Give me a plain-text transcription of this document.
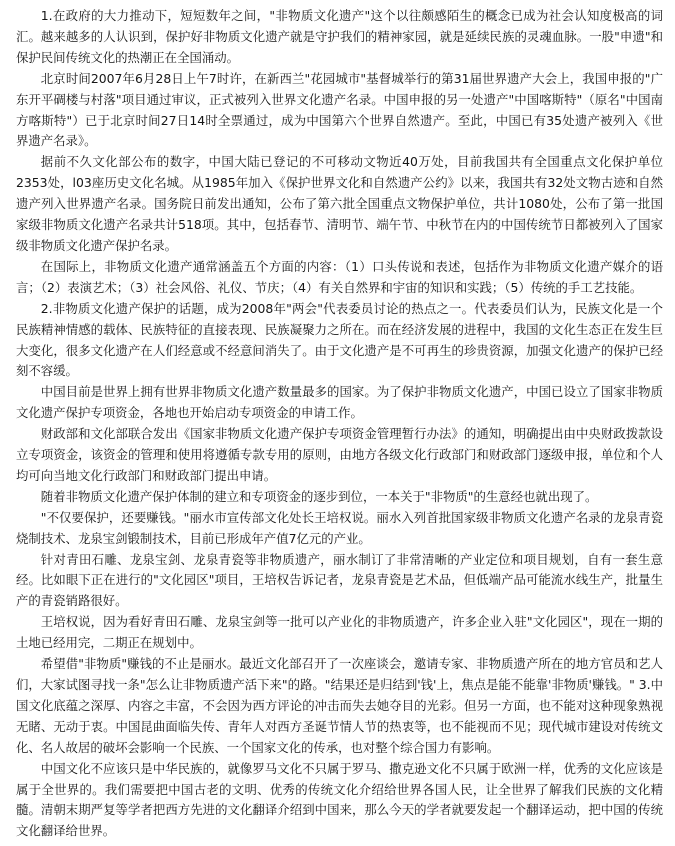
1.在政府的大力推动下，短短数年之间，"非物质文化遗产"这个以往颇感陌生的概念已成为社会认知度极高的词汇。越来越多的人认识到，保护好非物质文化遗产就是守护我们的精神家园，就是延续民族的灵魂血脉。一股"申遗"和保护民间传统文化的热潮正在全国涌动。

北京时间2007年6月28日上午7时许，在新西兰"花园城市"基督城举行的第31届世界遗产大会上，我国申报的"广东开平碉楼与村落"项目通过审议，正式被列入世界文化遗产名录。中国申报的另一处遗产"中国喀斯特"（原名"中国南方喀斯特"）已于北京时间27日14时全票通过，成为中国第六个世界自然遗产。至此，中国已有35处遗产被列入《世界遗产名录》。

据前不久文化部公布的数字，中国大陆已登记的不可移动文物近40万处，目前我国共有全国重点文化保护单位2353处，l03座历史文化名城。从1985年加入《保护世界文化和自然遗产公约》以来，我国共有32处文物古迹和自然遗产列入世界遗产名录。国务院日前发出通知，公布了第六批全国重点文物保护单位，共计1080处，公布了第一批国家级非物质文化遗产名录共计518项。其中，包括春节、清明节、端午节、中秋节在内的中国传统节日都被列入了国家级非物质文化遗产保护名录。

在国际上，非物质文化遗产通常涵盖五个方面的内容：（1）口头传说和表述，包括作为非物质文化遗产媒介的语言；（2）表演艺术；（3）社会风俗、礼仪、节庆；（4）有关自然界和宇宙的知识和实践；（5）传统的手工艺技能。

2.非物质文化遗产保护的话题，成为2008年"两会"代表委员讨论的热点之一。代表委员们认为，民族文化是一个民族精神情感的载体、民族特征的直接表现、民族凝聚力之所在。而在经济发展的进程中，我国的文化生态正在发生巨大变化，很多文化遗产在人们经意或不经意间消失了。由于文化遗产是不可再生的珍贵资源，加强文化遗产的保护已经刻不容缓。

中国目前是世界上拥有世界非物质文化遗产数量最多的国家。为了保护非物质文化遗产，中国已设立了国家非物质文化遗产保护专项资金，各地也开始启动专项资金的申请工作。

财政部和文化部联合发出《国家非物质文化遗产保护专项资金管理暂行办法》的通知，明确提出由中央财政拨款设立专项资金，该资金的管理和使用将遵循专款专用的原则，由地方各级文化行政部门和财政部门逐级申报，单位和个人均可向当地文化行政部门和财政部门提出申请。

随着非物质文化遗产保护体制的建立和专项资金的逐步到位，一本关于"非物质"的生意经也就出现了。

"不仅要保护，还要赚钱。"丽水市宣传部文化处长王培权说。丽水入列首批国家级非物质文化遗产名录的龙泉青瓷烧制技术、龙泉宝剑锻制技术，目前已形成年产值7亿元的产业。

针对青田石雕、龙泉宝剑、龙泉青瓷等非物质遗产，丽水制订了非常清晰的产业定位和项目规划，自有一套生意经。比如眼下正在进行的"文化园区"项目，王培权告诉记者，龙泉青瓷是艺术品，但低端产品可能流水线生产，批量生产的青瓷销路很好。

王培权说，因为看好青田石雕、龙泉宝剑等一批可以产业化的非物质遗产，许多企业入驻"文化园区"，现在一期的土地已经用完，二期正在规划中。

希望借"非物质"赚钱的不止是丽水。最近文化部召开了一次座谈会，邀请专家、非物质遗产所在的地方官员和艺人们，大家试图寻找一条"怎么让非物质遗产活下来"的路。"结果还是归结到'钱'上，焦点是能不能靠'非物质'赚钱。" 3.中国文化底蕴之深厚、内容之丰富，不会因为西方评论的冲击而失去她夺目的光彩。但另一方面，也不能对这种现象熟视无睹、无动于衷。中国昆曲面临失传、青年人对西方圣诞节情人节的热衷等，也不能视而不见；现代城市建设对传统文化、名人故居的破坏会影响一个民族、一个国家文化的传承，也对整个综合国力有影响。

中国文化不应该只是中华民族的，就像罗马文化不只属于罗马、撒克逊文化不只属于欧洲一样，优秀的文化应该是属于全世界的。我们需要把中国古老的文明、优秀的传统文化介绍给世界各国人民，让全世界了解我们民族的文化精髓。清朝末期严复等学者把西方先进的文化翻译介绍到中国来，那么今天的学者就要发起一个翻译运动，把中国的传统文化翻译给世界。
